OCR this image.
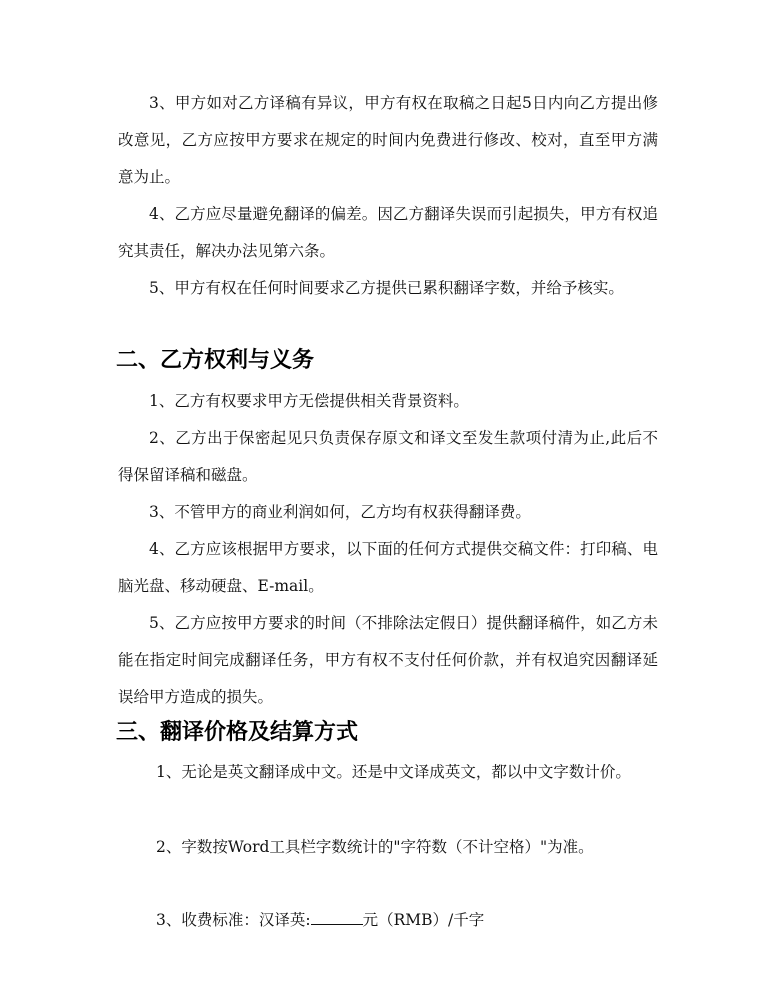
3、甲方如对乙方译稿有异议，甲方有权在取稿之日起5日内向乙方提出修改意见，乙方应按甲方要求在规定的时间内免费进行修改、校对，直至甲方满意为止。

4、乙方应尽量避免翻译的偏差。因乙方翻译失误而引起损失，甲方有权追究其责任，解决办法见第六条。

5、甲方有权在任何时间要求乙方提供已累积翻译字数，并给予核实。

二、乙方权利与义务

1、乙方有权要求甲方无偿提供相关背景资料。

2、乙方出于保密起见只负责保存原文和译文至发生款项付清为止,此后不得保留译稿和磁盘。

3、不管甲方的商业利润如何，乙方均有权获得翻译费。

4、乙方应该根据甲方要求，以下面的任何方式提供交稿文件：打印稿、电脑光盘、移动硬盘、E-mail。

5、乙方应按甲方要求的时间（不排除法定假日）提供翻译稿件，如乙方未能在指定时间完成翻译任务，甲方有权不支付任何价款，并有权追究因翻译延误给甲方造成的损失。

三、翻译价格及结算方式

1、无论是英文翻译成中文。还是中文译成英文，都以中文字数计价。

2、字数按Word工具栏字数统计的"字符数（不计空格）"为准。

3、收费标准：汉译英:	元（RMB）/千字
